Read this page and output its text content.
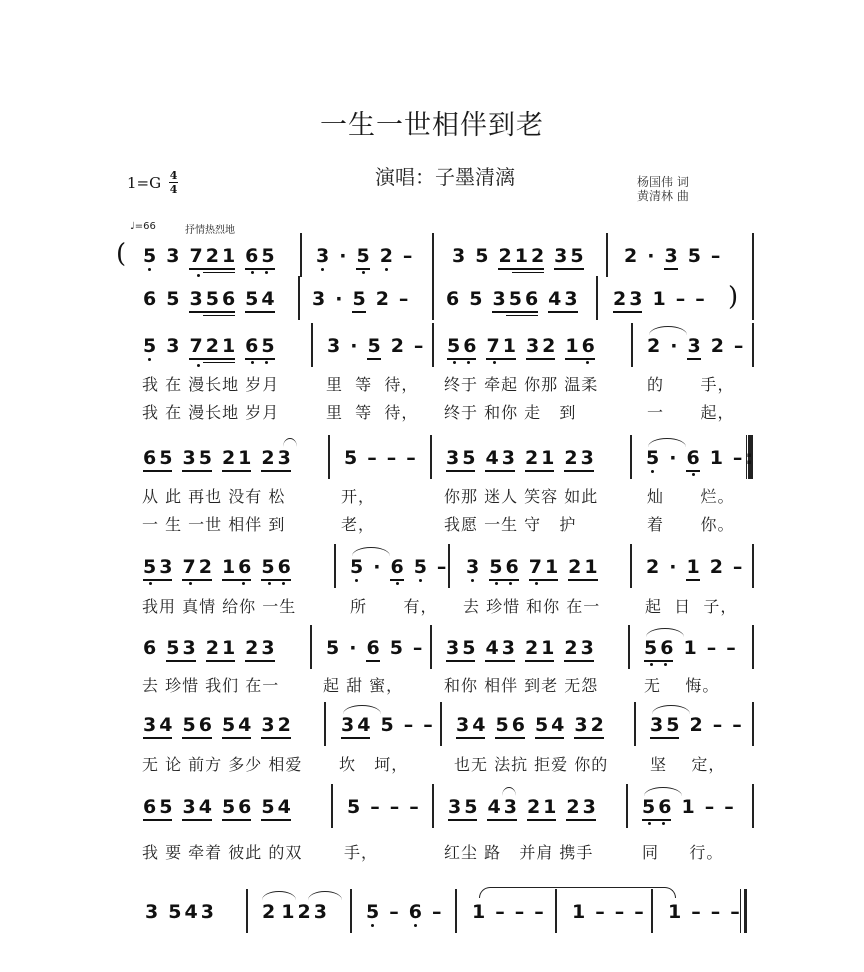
一生一世相伴到老
演唱：子墨清漓
1=G 4
4
杨国伟 词
黄清林 曲
♩=66	抒情热烈地
( 5 3 7 2 1 6 5 3 · 5 2 – 3 5 2 1 2 3 5 2 · 3 5 –
)
6 5 3 5 6 5 4 3 · 5 2 – 6 5 3 5 6 4 3 2 3 1 – –
5 3 7 2 1 6 5	3 · 5 2 – 5 6 7 1 3 2 1 6	2 · 3 2 –
我 在 漫长地 岁月	里  等  待， 终于 牵起 你那 温柔	的      手，
我 在 漫长地 岁月	里  等  待， 终于 和你 走   到	一      起，
6 5 3 5 2 1 2 3	5 – – – 3 5 4 3 2 1 2 3	5 · 6 1 – :
从 此 再也 没有 松	开，	你那 迷人 笑容 如此	灿      烂。
一 生 一世 相伴 到	老，	我愿 一生 守   护	着      你。
5 3 7 2 1 6 5 6	5 · 6 5 – 3 5 6 7 1 2 1	2 · 1 2 –
我用 真情 给你 一生	所      有， 去 珍惜 和你 在一	起  日  子，
6 5 3 2 1 2 3	5 · 6 5 – 3 5 4 3 2 1 2 3	5 6 1 – –
去 珍惜 我们 在一	起 甜 蜜，	和你 相伴 到老 无怨	无    悔。
3 4 5 6 5 4 3 2	3 4 5 – – 3 4 5 6 5 4 3 2 3 5 2 – –
无 论 前方 多少 相爱 坎   坷，	也无 法抗 拒爱 你的	坚    定，
6 5 3 4 5 6 5 4	5 – – – 3 5 4 3 2 1 2 3 5 6 1 – –
我 要 牵着 彼此 的双	手，	红尘 路   并肩 携手	同     行。
3 5 4 3	2 1 2 3 5 – 6 – 1 – – – 1 – – – 1 – – –
